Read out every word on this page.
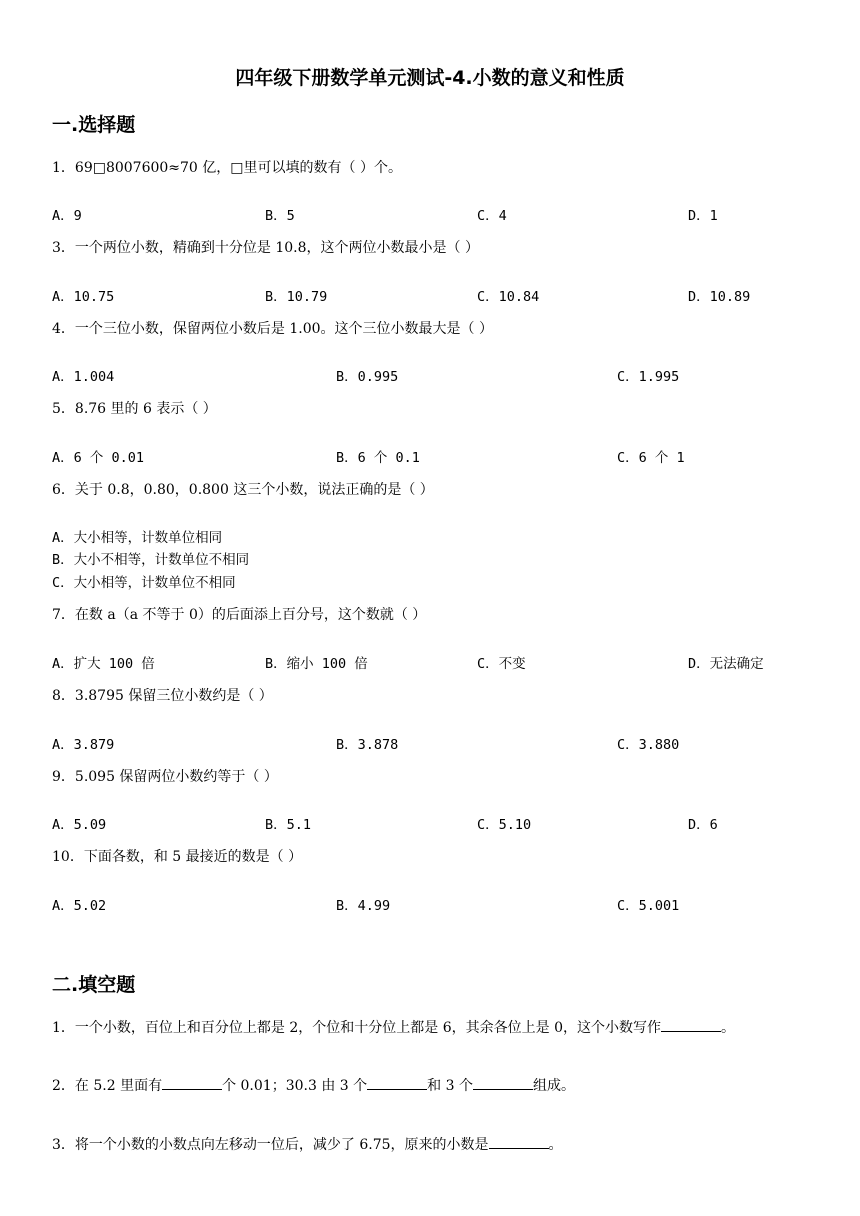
四年级下册数学单元测试-4.小数的意义和性质
一.选择题
1．69□8007600≈70 亿，□里可以填的数有（ ）个。
A．9	B．5	C．4	D．1
3．一个两位小数，精确到十分位是 10.8，这个两位小数最小是（ ）
A．10.75	B．10.79	C．10.84	D．10.89
4．一个三位小数，保留两位小数后是 1.00。这个三位小数最大是（ ）
A．1.004	B．0.995	C．1.995
5．8.76 里的 6 表示（ ）
A．6 个 0.01	B．6 个 0.1	C．6 个 1
6．关于 0.8，0.80，0.800 这三个小数，说法正确的是（ ）
A．大小相等，计数单位相同
B．大小不相等，计数单位不相同
C．大小相等，计数单位不相同
7．在数 a（a 不等于 0）的后面添上百分号，这个数就（ ）
A．扩大 100 倍	B．缩小 100 倍	C．不变	D．无法确定
8．3.8795 保留三位小数约是（ ）
A．3.879	B．3.878	C．3.880
9．5.095 保留两位小数约等于（ ）
A．5.09	B．5.1	C．5.10	D．6
10．下面各数，和 5 最接近的数是（ ）
A．5.02	B．4.99	C．5.001
二.填空题
1．一个小数，百位上和百分位上都是 2，个位和十分位上都是 6，其余各位上是 0，这个小数写作	。
2．在 5.2 里面有	个 0.01；30.3 由 3 个	和 3 个	组成。
3．将一个小数的小数点向左移动一位后，减少了 6.75，原来的小数是	。
